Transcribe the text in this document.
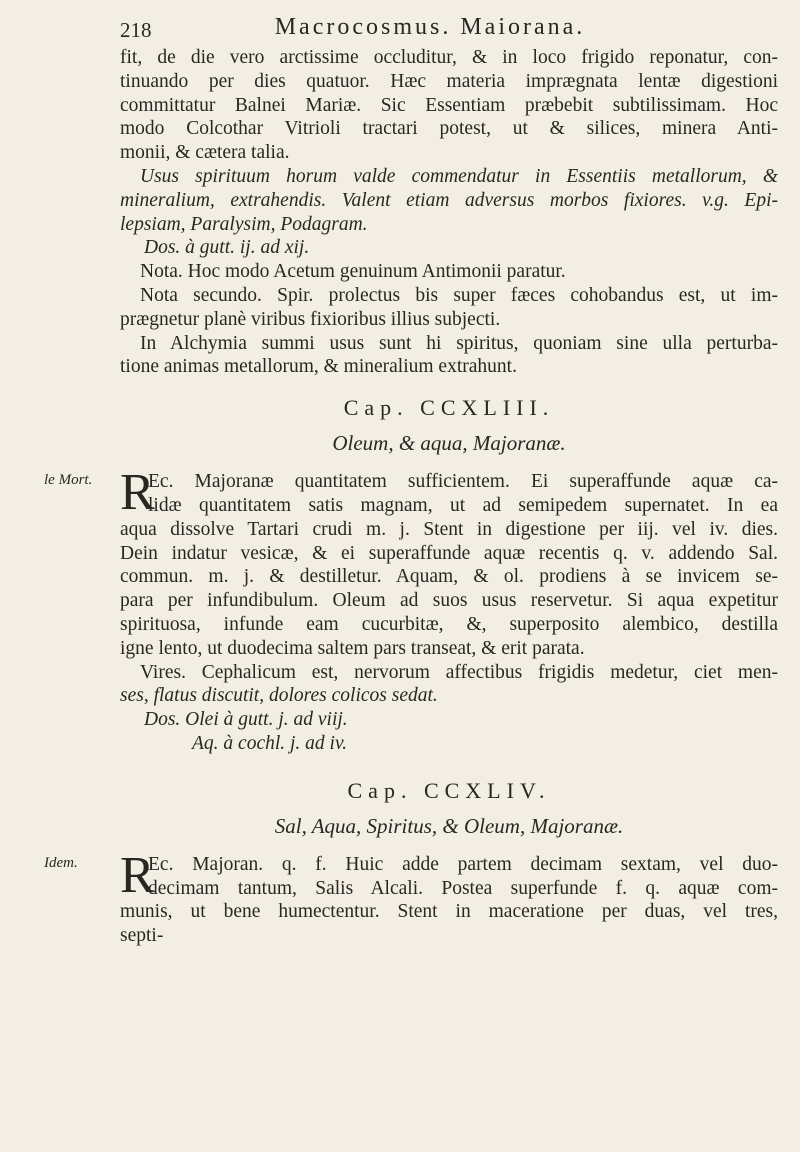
218	Macrocosmus. Maiorana.
fit, de die vero arctissime occluditur, & in loco frigido reponatur, con-
tinuando per dies quatuor. Hæc materia imprægnata lentæ digestioni
committatur Balnei Mariæ. Sic Essentiam præbebit subtilissimam. Hoc
modo Colcothar Vitrioli tractari potest, ut & silices, minera Anti-
monii, & cætera talia.
Usus spirituum horum valde commendatur in Essentiis metallorum, &
mineralium, extrahendis. Valent etiam adversus morbos fixiores. v.g. Epi-
lepsiam, Paralysim, Podagram.
Dos. à gutt. ij. ad xij.
Nota. Hoc modo Acetum genuinum Antimonii paratur.
Nota secundo. Spir. prolectus bis super fæces cohobandus est, ut im-
prægnetur planè viribus fixioribus illius subjecti.
In Alchymia summi usus sunt hi spiritus, quoniam sine ulla perturba-
tione animas metallorum, & mineralium extrahunt.
Cap. CCXLIII.
Oleum, & aqua, Majoranæ.
le Mort. R
Ec. Majoranæ quantitatem sufficientem. Ei superaffunde aquæ ca-
lidæ quantitatem satis magnam, ut ad semipedem supernatet. In ea
aqua dissolve Tartari crudi m. j. Stent in digestione per iij. vel iv. dies.
Dein indatur vesicæ, & ei superaffunde aquæ recentis q. v. addendo Sal.
commun. m. j. & destilletur. Aquam, & ol. prodiens à se invicem se-
para per infundibulum. Oleum ad suos usus reservetur. Si aqua expetitur
spirituosa, infunde eam cucurbitæ, &, superposito alembico, destilla
igne lento, ut duodecima saltem pars transeat, & erit parata.
Vires. Cephalicum est, nervorum affectibus frigidis medetur, ciet men-
ses, flatus discutit, dolores colicos sedat.
Dos. Olei à gutt. j. ad viij.
Aq. à cochl. j. ad iv.
Cap. CCXLIV.
Sal, Aqua, Spiritus, & Oleum, Majoranæ.
Idem. R
Ec. Majoran. q. f. Huic adde partem decimam sextam, vel duo-
decimam tantum, Salis Alcali. Postea superfunde f. q. aquæ com-
munis, ut bene humectentur. Stent in maceratione per duas, vel tres,
septi-
